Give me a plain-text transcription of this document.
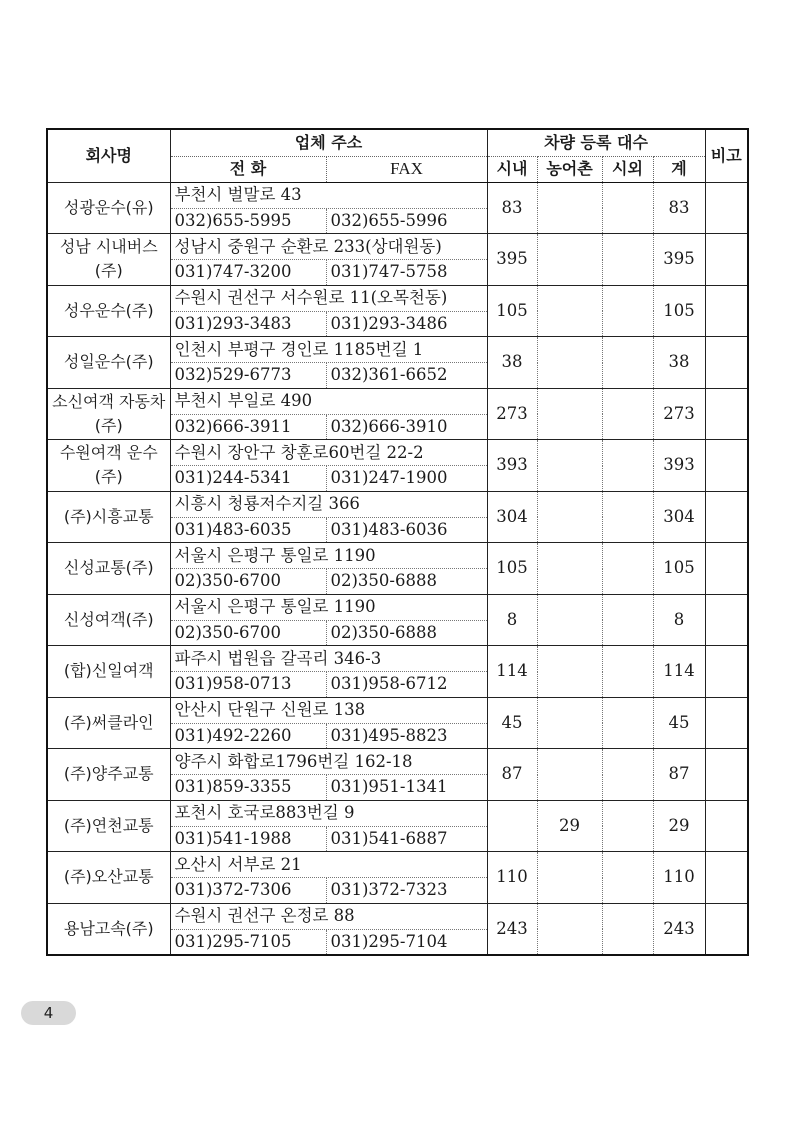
회사명	업체 주소		차량 등록 대수				비고
	전 화	FAX	시내	농어촌	시외	계	
성광운수(유)	부천시 벌말로 43		83			83	
	032)655-5995	032)655-5996					
성남 시내버스(주)	성남시 중원구 순환로 233(상대원동)		395			395	
	031)747-3200	031)747-5758					
성우운수(주)	수원시 권선구 서수원로 11(오목천동)		105			105	
	031)293-3483	031)293-3486					
성일운수(주)	인천시 부평구 경인로 1185번길 1		38			38	
	032)529-6773	032)361-6652					
소신여객 자동차(주)	부천시 부일로 490		273			273	
	032)666-3911	032)666-3910					
수원여객 운수(주)	수원시 장안구 창훈로60번길 22-2		393			393	
	031)244-5341	031)247-1900					
(주)시흥교통	시흥시 청룡저수지길 366		304			304	
	031)483-6035	031)483-6036					
신성교통(주)	서울시 은평구 통일로 1190		105			105	
	02)350-6700	02)350-6888					
신성여객(주)	서울시 은평구 통일로 1190		8			8	
	02)350-6700	02)350-6888					
(합)신일여객	파주시 법원읍 갈곡리 346-3		114			114	
	031)958-0713	031)958-6712					
(주)써클라인	안산시 단원구 신원로 138		45			45	
	031)492-2260	031)495-8823					
(주)양주교통	양주시 화합로1796번길 162-18		87			87	
	031)859-3355	031)951-1341					
(주)연천교통	포천시 호국로883번길 9			29		29	
	031)541-1988	031)541-6887					
(주)오산교통	오산시 서부로 21		110			110	
	031)372-7306	031)372-7323					
용남고속(주)	수원시 권선구 온정로 88		243			243	
	031)295-7105	031)295-7104					
4
